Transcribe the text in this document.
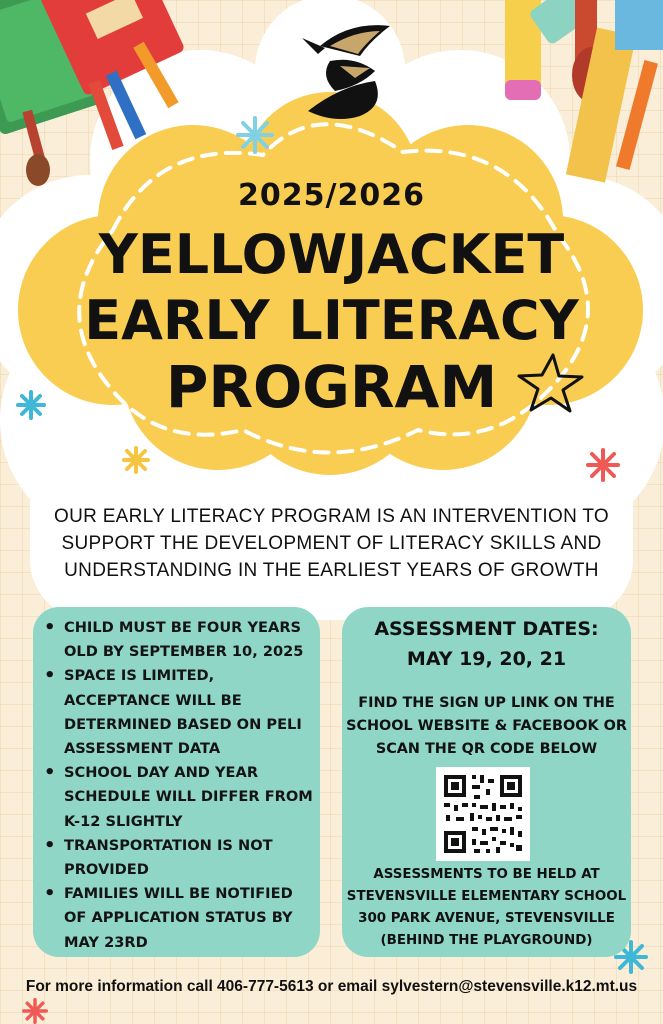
2025/2026
YELLOWJACKET
EARLY LITERACY
PROGRAM
OUR EARLY LITERACY PROGRAM IS AN INTERVENTION TO SUPPORT THE DEVELOPMENT OF LITERACY SKILLS AND UNDERSTANDING IN THE EARLIEST YEARS OF GROWTH
• CHILD MUST BE FOUR YEARS OLD BY SEPTEMBER 10, 2025
• SPACE IS LIMITED, ACCEPTANCE WILL BE DETERMINED BASED ON PELI ASSESSMENT DATA
• SCHOOL DAY AND YEAR SCHEDULE WILL DIFFER FROM K-12 SLIGHTLY
• TRANSPORTATION IS NOT PROVIDED
• FAMILIES WILL BE NOTIFIED OF APPLICATION STATUS BY MAY 23RD
ASSESSMENT DATES:
MAY 19, 20, 21
FIND THE SIGN UP LINK ON THE
SCHOOL WEBSITE & FACEBOOK OR
SCAN THE QR CODE BELOW
ASSESSMENTS TO BE HELD AT
STEVENSVILLE ELEMENTARY SCHOOL
300 PARK AVENUE, STEVENSVILLE
(BEHIND THE PLAYGROUND)
For more information call 406-777-5613 or email sylvestern@stevensville.k12.mt.us
